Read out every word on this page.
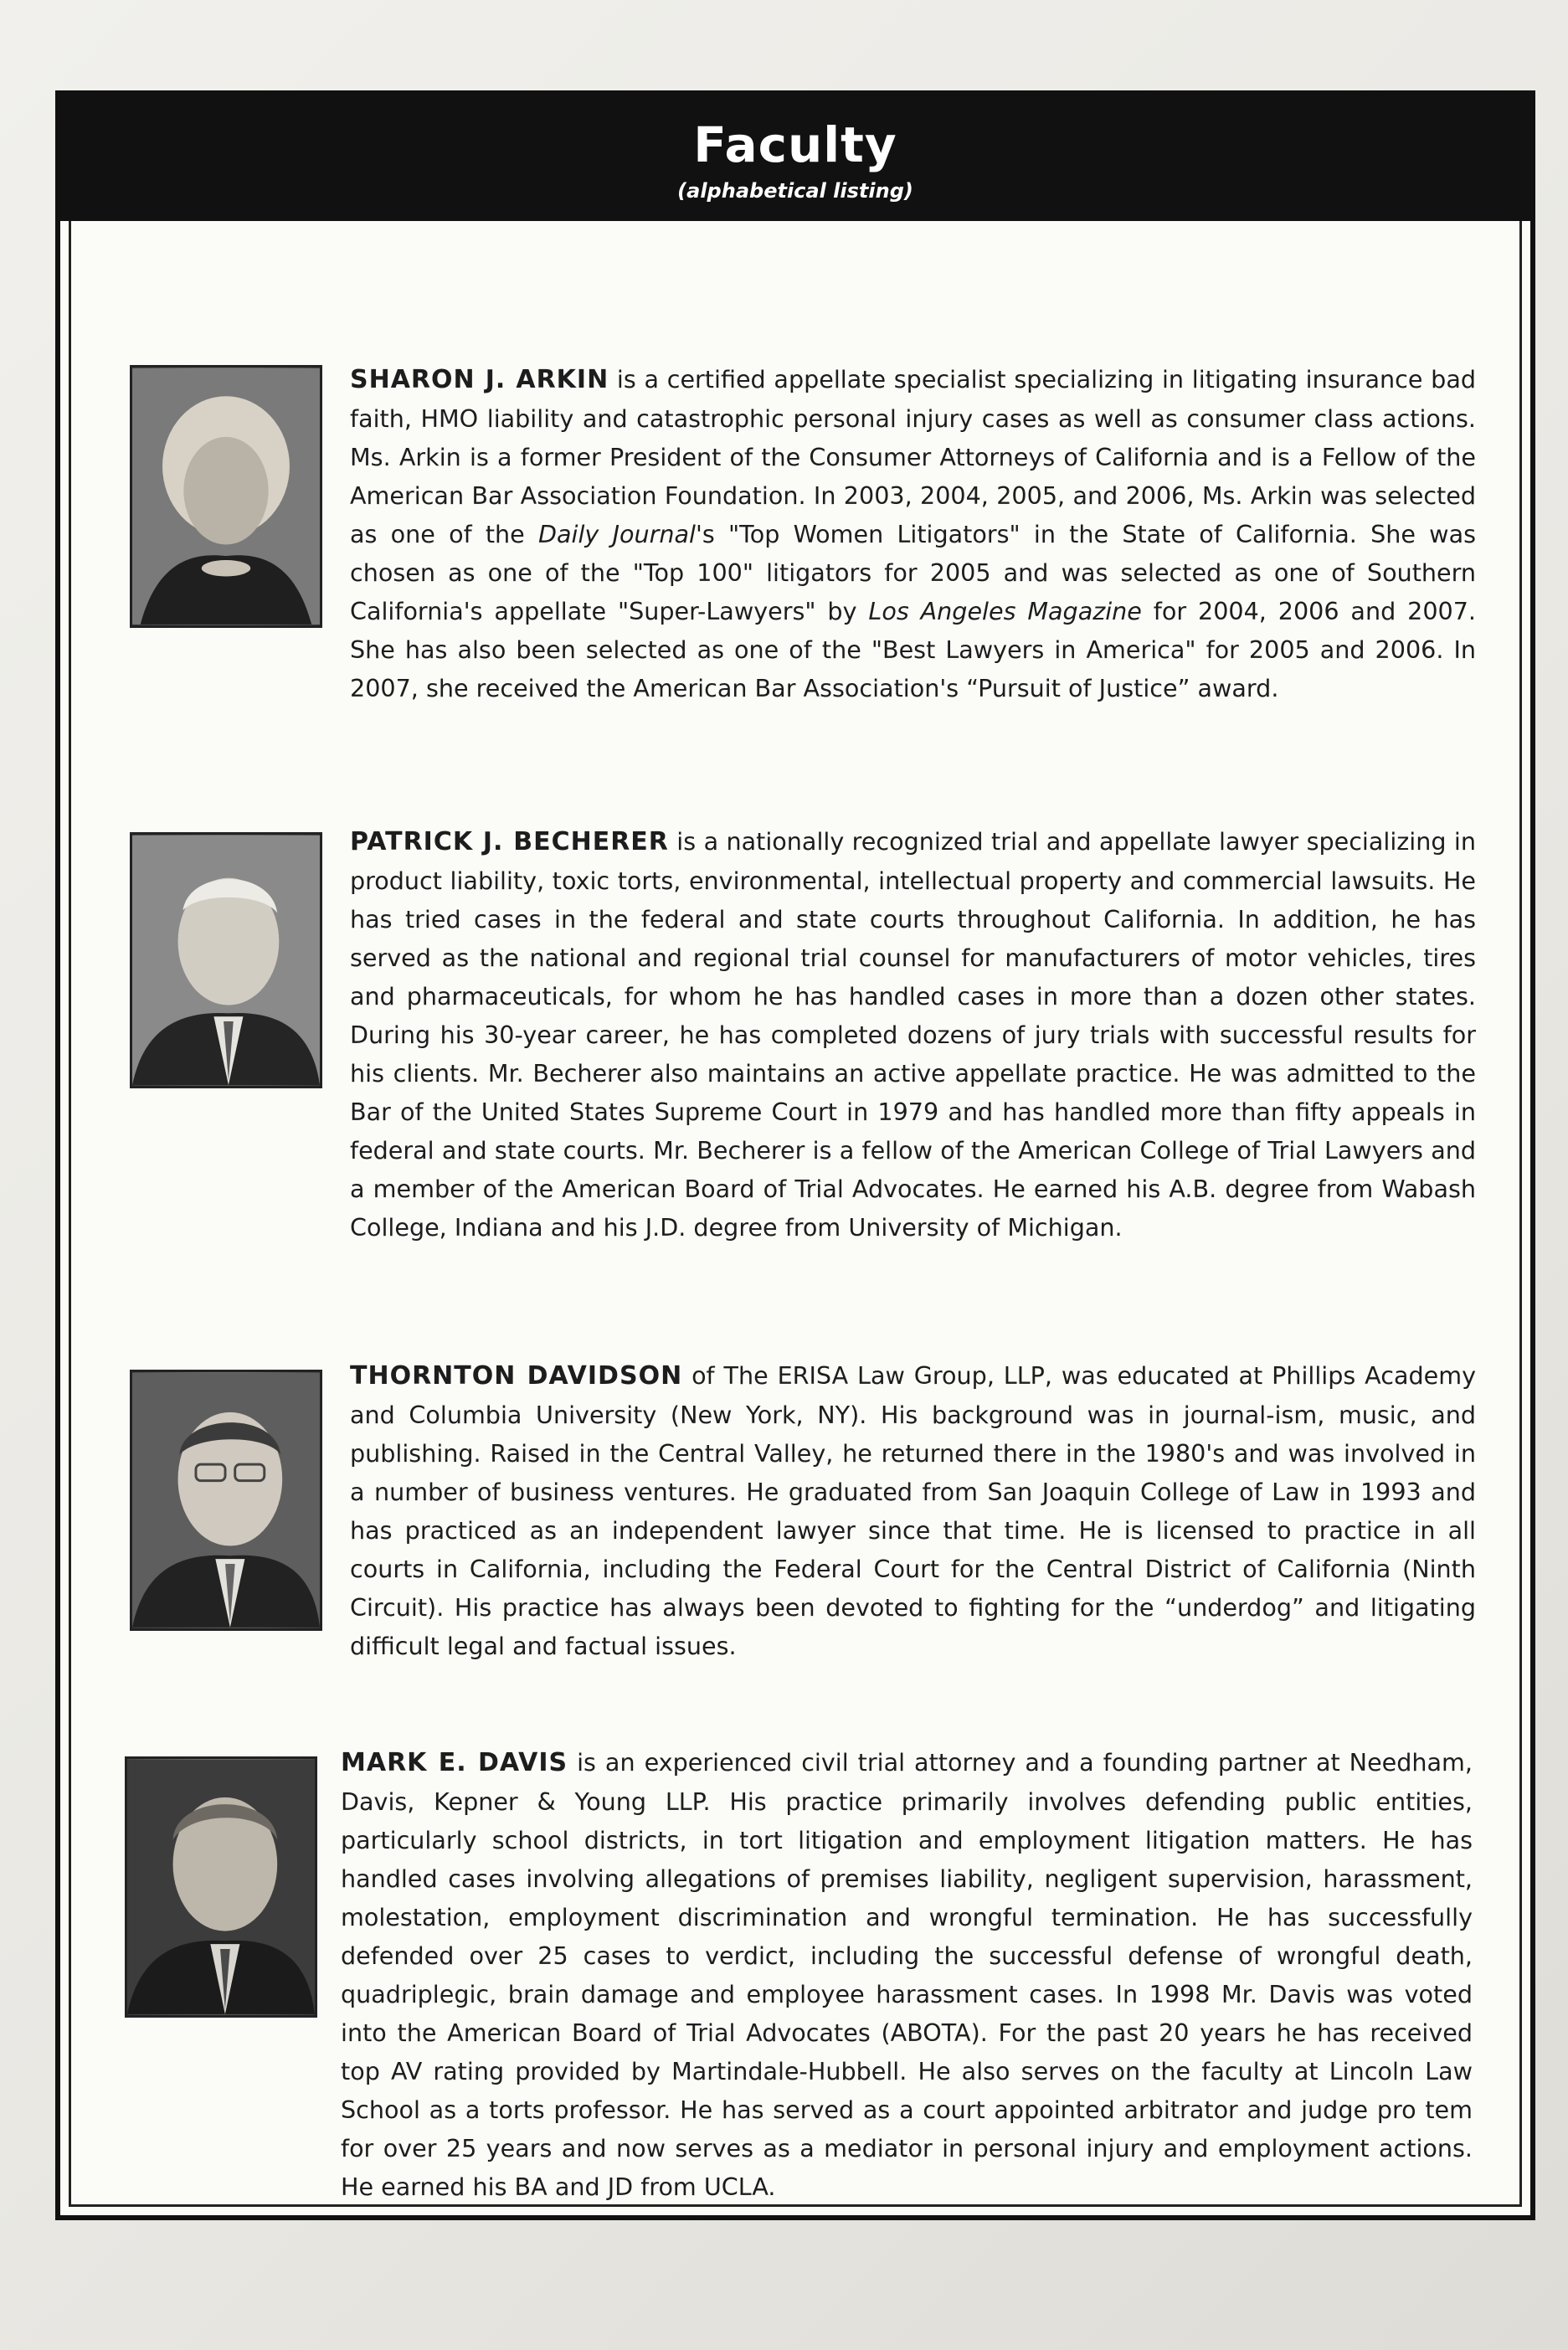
Faculty
(alphabetical listing)

SHARON J. ARKIN is a certified appellate specialist specializing in litigating insurance bad faith, HMO liability and catastrophic personal injury cases as well as consumer class actions. Ms. Arkin is a former President of the Consumer Attorneys of California and is a Fellow of the American Bar Association Foundation. In 2003, 2004, 2005, and 2006, Ms. Arkin was selected as one of the Daily Journal's "Top Women Litigators" in the State of California. She was chosen as one of the "Top 100" litigators for 2005 and was selected as one of Southern California's appellate "Super-Lawyers" by Los Angeles Magazine for 2004, 2006 and 2007. She has also been selected as one of the "Best Lawyers in America" for 2005 and 2006. In 2007, she received the American Bar Association's “Pursuit of Justice” award.

PATRICK J. BECHERER is a nationally recognized trial and appellate lawyer specializing in product liability, toxic torts, environmental, intellectual property and commercial lawsuits. He has tried cases in the federal and state courts throughout California. In addition, he has served as the national and regional trial counsel for manufacturers of motor vehicles, tires and pharmaceuticals, for whom he has handled cases in more than a dozen other states. During his 30-year career, he has completed dozens of jury trials with successful results for his clients. Mr. Becherer also maintains an active appellate practice. He was admitted to the Bar of the United States Supreme Court in 1979 and has handled more than fifty appeals in federal and state courts. Mr. Becherer is a fellow of the American College of Trial Lawyers and a member of the American Board of Trial Advocates. He earned his A.B. degree from Wabash College, Indiana and his J.D. degree from University of Michigan.

THORNTON DAVIDSON of The ERISA Law Group, LLP, was educated at Phillips Academy and Columbia University (New York, NY). His background was in journal-ism, music, and publishing. Raised in the Central Valley, he returned there in the 1980's and was involved in a number of business ventures. He graduated from San Joaquin College of Law in 1993 and has practiced as an independent lawyer since that time. He is licensed to practice in all courts in California, including the Federal Court for the Central District of California (Ninth Circuit). His practice has always been devoted to fighting for the “underdog” and litigating difficult legal and factual issues.

MARK E. DAVIS is an experienced civil trial attorney and a founding partner at Needham, Davis, Kepner & Young LLP. His practice primarily involves defending public entities, particularly school districts, in tort litigation and employment litigation matters. He has handled cases involving allegations of premises liability, negligent supervision, harassment, molestation, employment discrimination and wrongful termination. He has successfully defended over 25 cases to verdict, including the successful defense of wrongful death, quadriplegic, brain damage and employee harassment cases. In 1998 Mr. Davis was voted into the American Board of Trial Advocates (ABOTA). For the past 20 years he has received top AV rating provided by Martindale-Hubbell. He also serves on the faculty at Lincoln Law School as a torts professor. He has served as a court appointed arbitrator and judge pro tem for over 25 years and now serves as a mediator in personal injury and employment actions. He earned his BA and JD from UCLA.
